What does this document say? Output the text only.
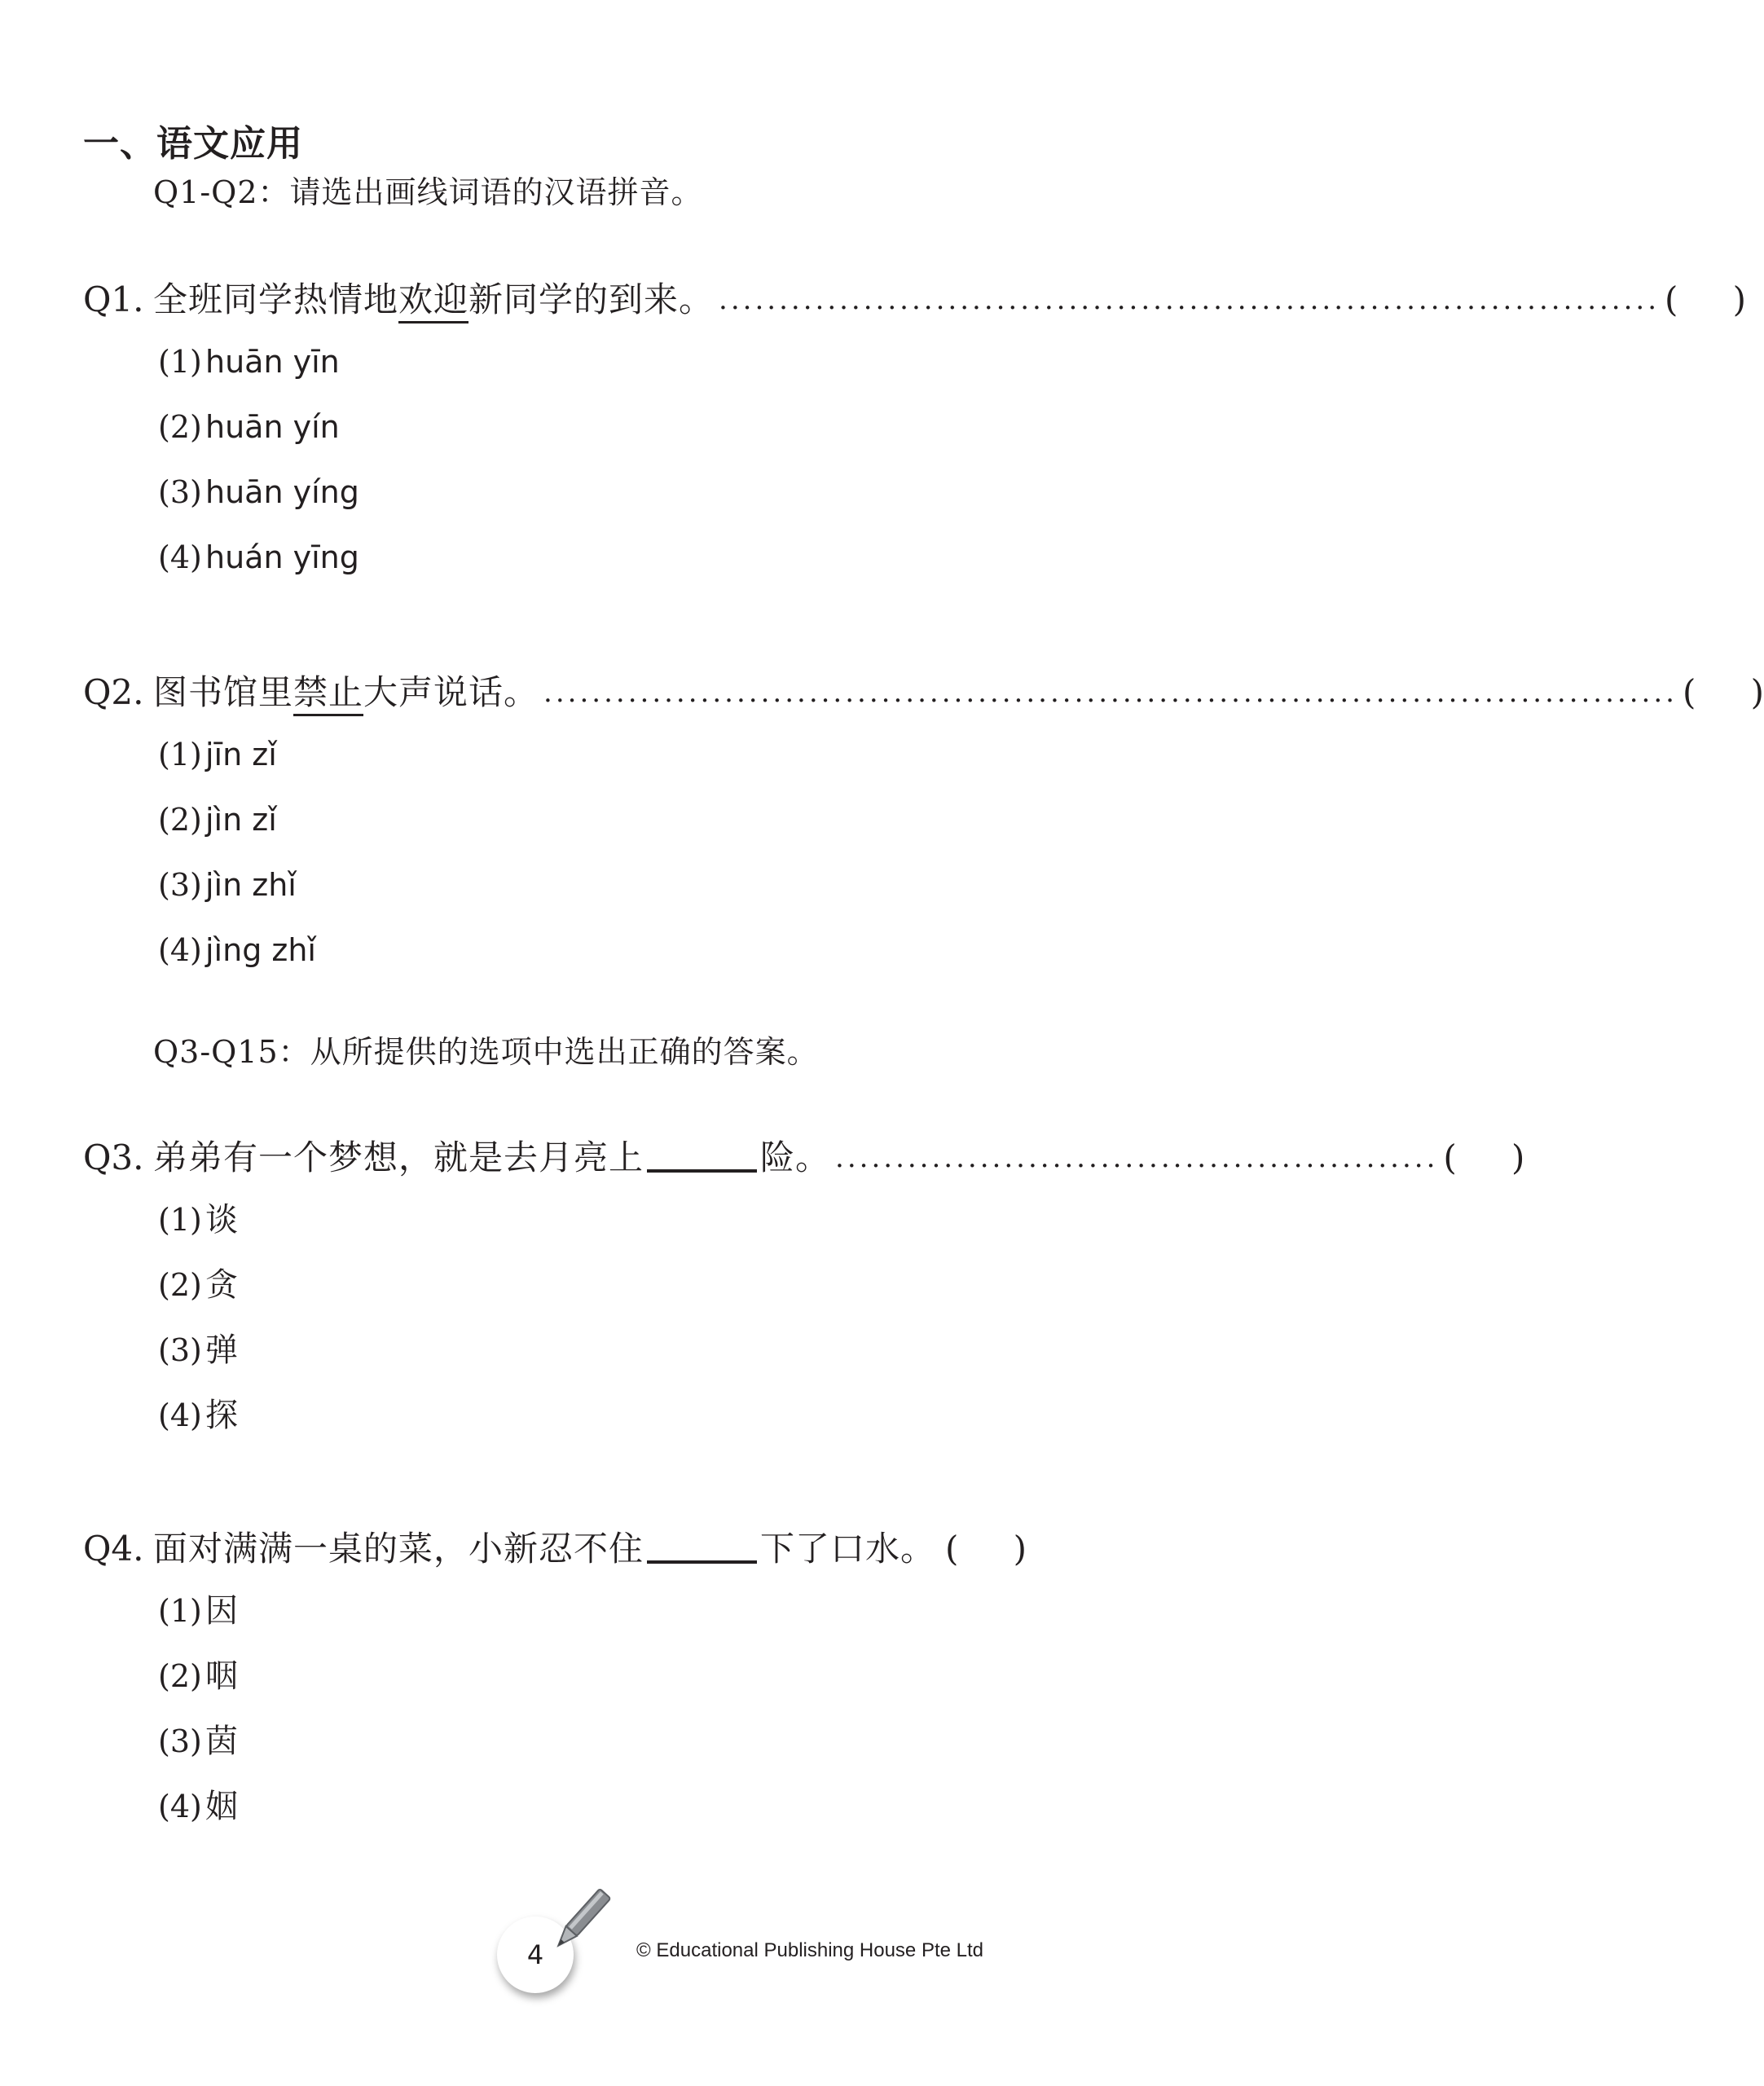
一、语文应用

Q1-Q2：请选出画线词语的汉语拼音。

Q1. 全班同学热情地欢迎新同学的到来。 .............................................................................. ( )
(1) huān yīn
(2) huān yín
(3) huān yíng
(4) huán yīng
Q2. 图书馆里禁止大声说话。 .............................................................................................. ( )
(1) jīn zǐ
(2) jìn zǐ
(3) jìn zhǐ
(4) jìng zhǐ

Q3-Q15：从所提供的选项中选出正确的答案。

Q3. 弟弟有一个梦想，就是去月亮上	险。 .................................................. ( )
(1) 谈
(2) 贪
(3) 弹
(4) 探
Q4. 面对满满一桌的菜，小新忍不住	下了口水。 ( )
(1) 因
(2) 咽
(3) 茵
(4) 姻
4	© Educational Publishing House Pte Ltd
